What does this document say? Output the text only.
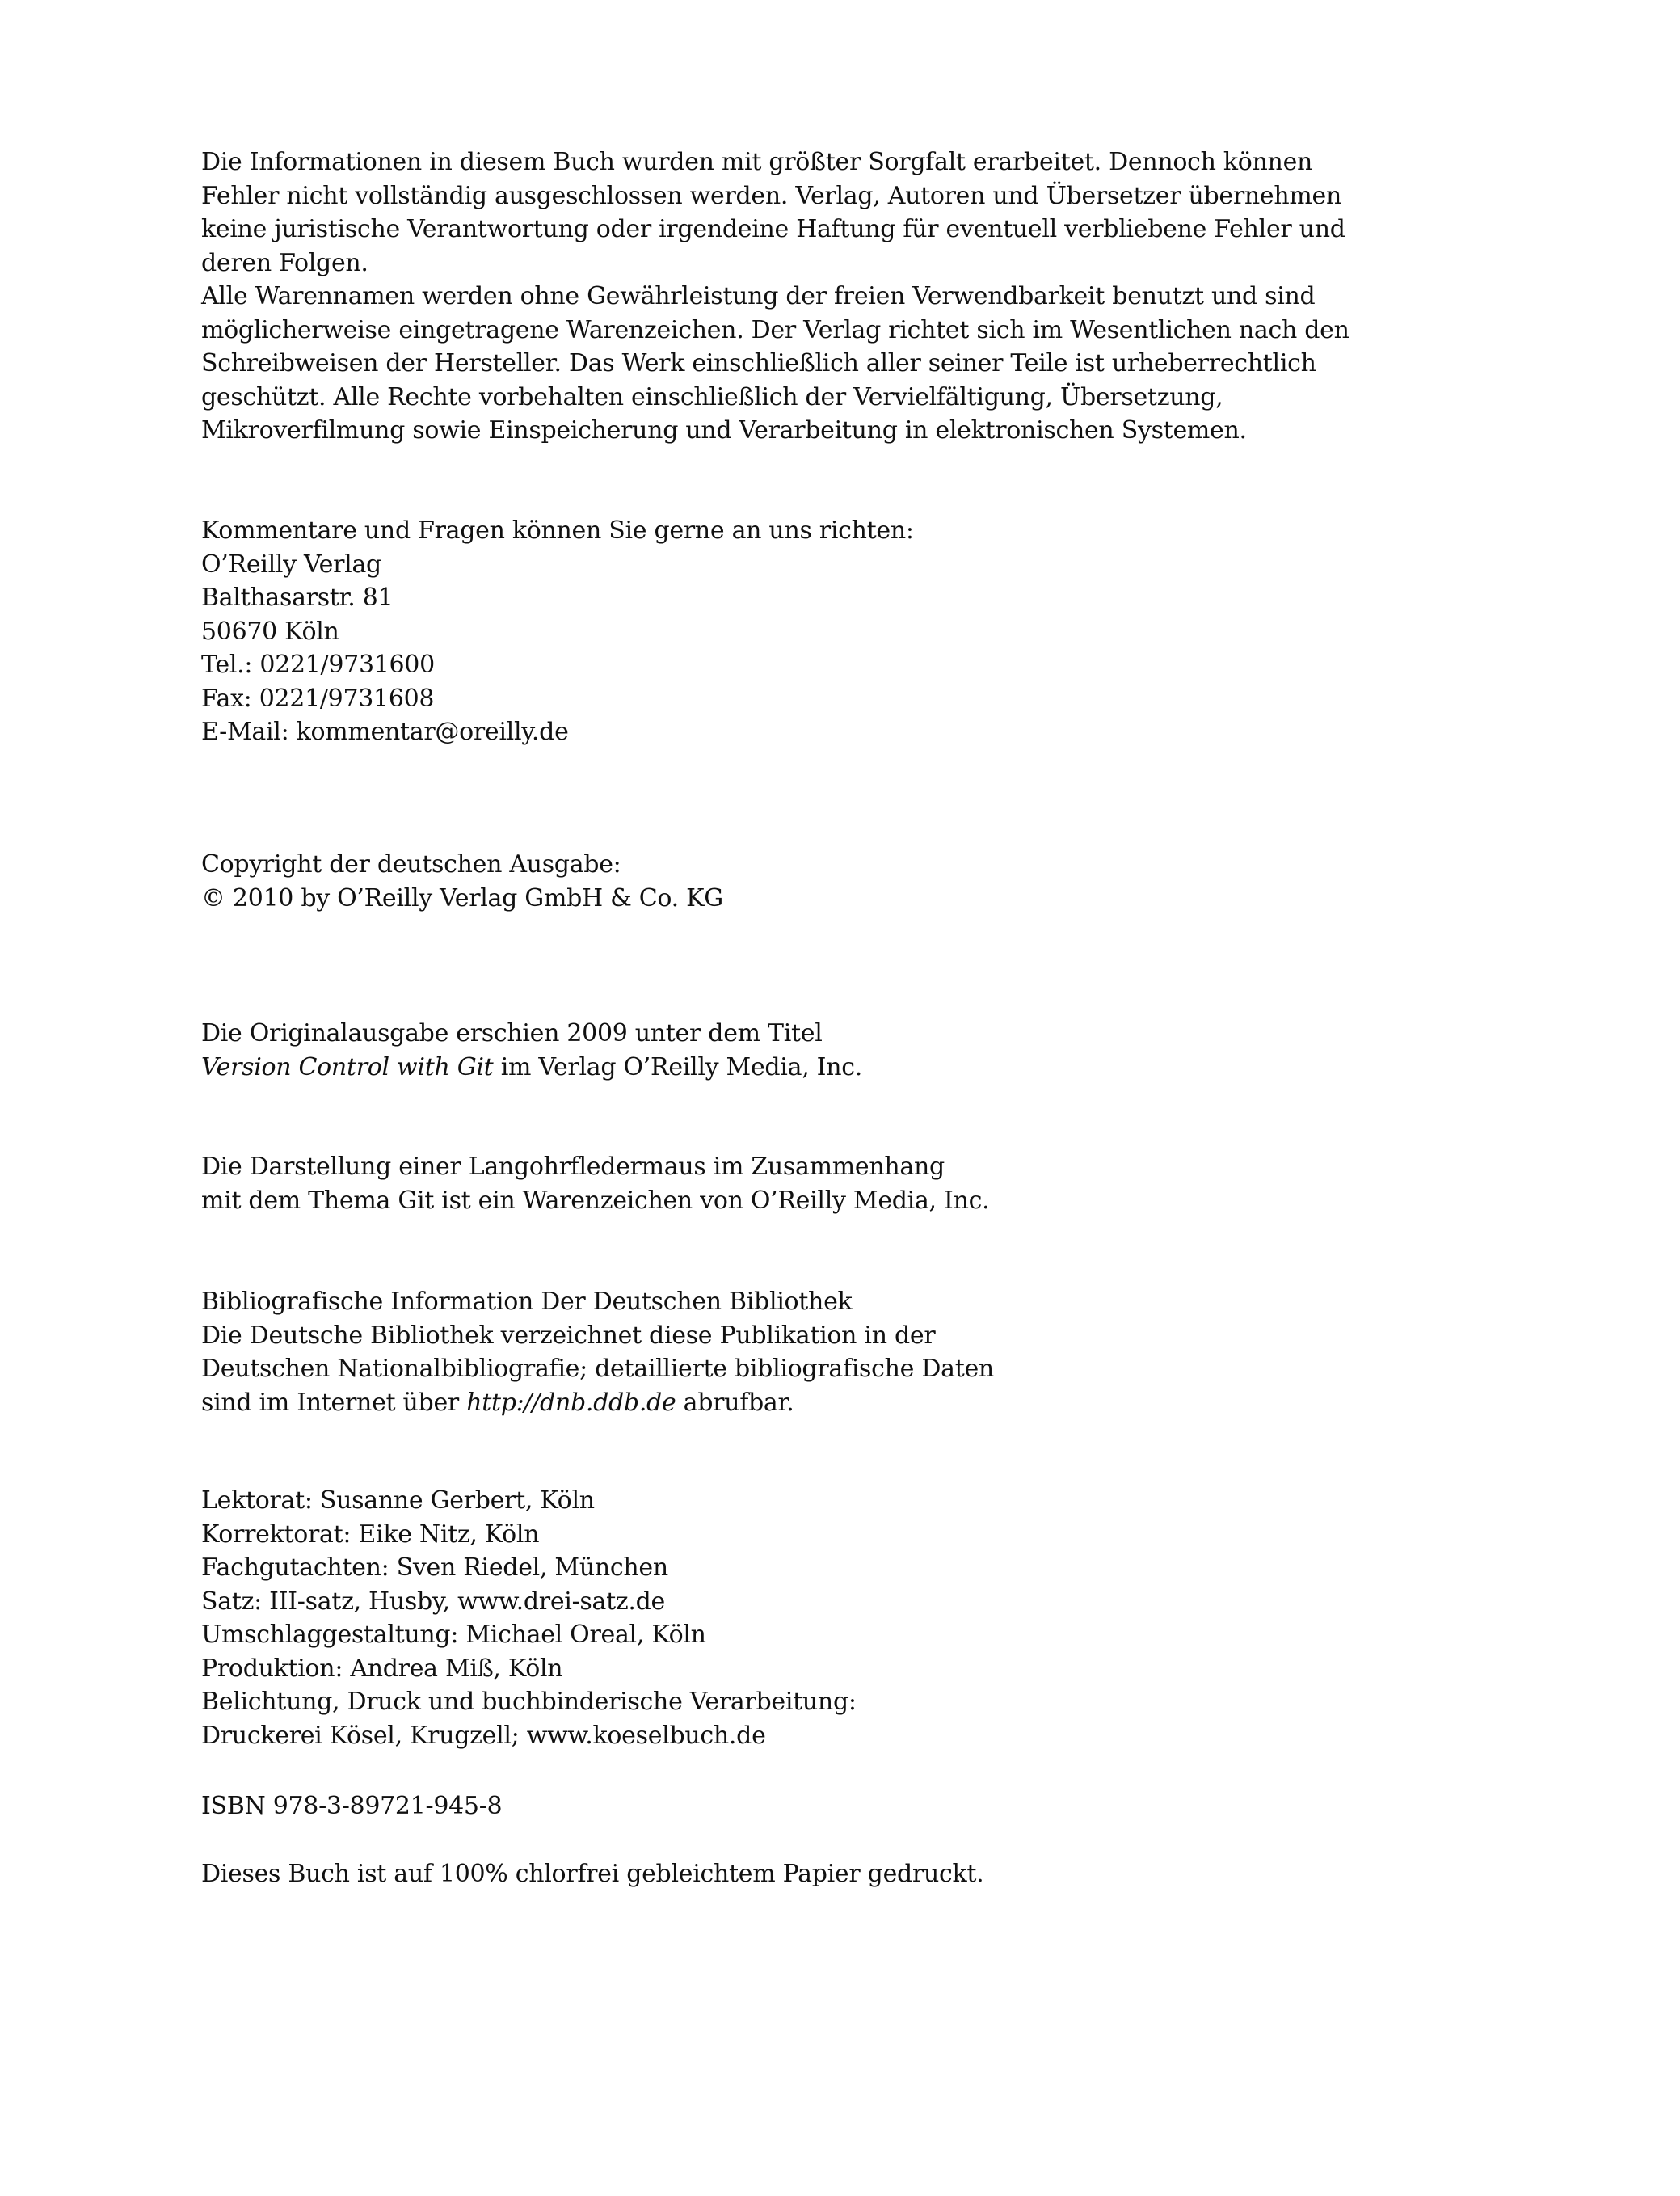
Die Informationen in diesem Buch wurden mit größter Sorgfalt erarbeitet. Dennoch können
Fehler nicht vollständig ausgeschlossen werden. Verlag, Autoren und Übersetzer übernehmen
keine juristische Verantwortung oder irgendeine Haftung für eventuell verbliebene Fehler und
deren Folgen.
Alle Warennamen werden ohne Gewährleistung der freien Verwendbarkeit benutzt und sind
möglicherweise eingetragene Warenzeichen. Der Verlag richtet sich im Wesentlichen nach den
Schreibweisen der Hersteller. Das Werk einschließlich aller seiner Teile ist urheberrechtlich
geschützt. Alle Rechte vorbehalten einschließlich der Vervielfältigung, Übersetzung,
Mikroverfilmung sowie Einspeicherung und Verarbeitung in elektronischen Systemen.
Kommentare und Fragen können Sie gerne an uns richten:
O’Reilly Verlag
Balthasarstr. 81
50670 Köln
Tel.: 0221/9731600
Fax: 0221/9731608
E-Mail: kommentar@oreilly.de
Copyright der deutschen Ausgabe:
© 2010 by O’Reilly Verlag GmbH & Co. KG
Die Originalausgabe erschien 2009 unter dem Titel
Version Control with Git im Verlag O’Reilly Media, Inc.
Die Darstellung einer Langohrfledermaus im Zusammenhang
mit dem Thema Git ist ein Warenzeichen von O’Reilly Media, Inc.
Bibliografische Information Der Deutschen Bibliothek
Die Deutsche Bibliothek verzeichnet diese Publikation in der
Deutschen Nationalbibliografie; detaillierte bibliografische Daten
sind im Internet über http://dnb.ddb.de abrufbar.
Lektorat: Susanne Gerbert, Köln
Korrektorat: Eike Nitz, Köln
Fachgutachten: Sven Riedel, München
Satz: III-satz, Husby, www.drei-satz.de
Umschlaggestaltung: Michael Oreal, Köln
Produktion: Andrea Miß, Köln
Belichtung, Druck und buchbinderische Verarbeitung:
Druckerei Kösel, Krugzell; www.koeselbuch.de
ISBN 978-3-89721-945-8
Dieses Buch ist auf 100% chlorfrei gebleichtem Papier gedruckt.
